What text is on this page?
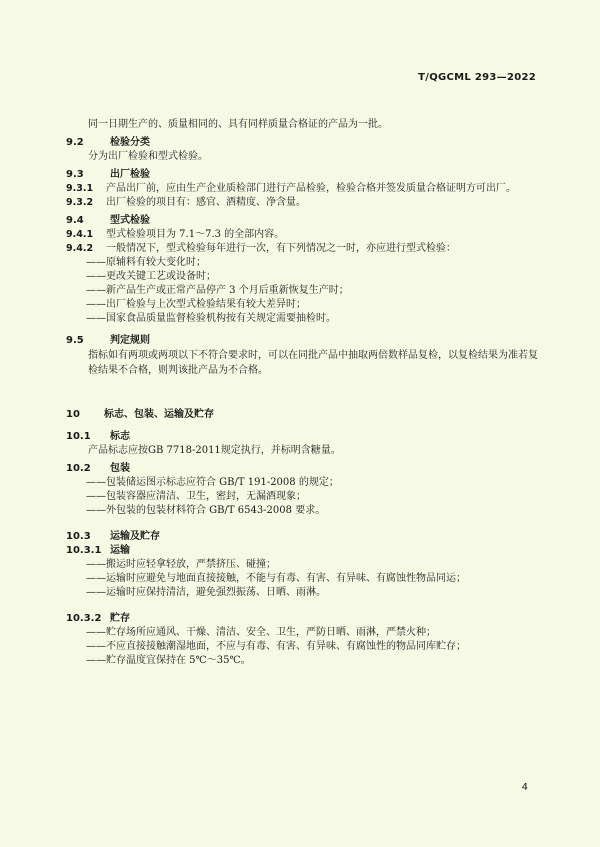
T/QGCML 293—2022
同一日期生产的、质量相同的、具有同样质量合格证的产品为一批。
9.2	检验分类
分为出厂检验和型式检验。
9.3	出厂检验
9.3.1 产品出厂前，应由生产企业质检部门进行产品检验，检验合格并签发质量合格证明方可出厂。
9.3.2 出厂检验的项目有：感官、酒精度、净含量。
9.4	型式检验
9.4.1 型式检验项目为 7.1～7.3 的全部内容。
9.4.2 一般情况下，型式检验每年进行一次，有下列情况之一时，亦应进行型式检验：
——原辅料有较大变化时；
——更改关键工艺或设备时；
——新产品生产或正常产品停产 3 个月后重新恢复生产时；
——出厂检验与上次型式检验结果有较大差异时；
——国家食品质量监督检验机构按有关规定需要抽检时。
9.5	判定规则
指标如有两项或两项以下不符合要求时，可以在同批产品中抽取两倍数样品复检，以复检结果为准若复检结果不合格，则判该批产品为不合格。
10 标志、包装、运输及贮存
10.1 标志
产品标志应按GB 7718-2011规定执行，并标明含糖量。
10.2 包装
——包装储运图示标志应符合 GB/T 191-2008 的规定；
——包装容器应清洁、卫生，密封，无漏酒现象；
——外包装的包装材料符合 GB/T 6543-2008 要求。
10.3 运输及贮存
10.3.1 运输
——搬运时应轻拿轻放，严禁挤压、碰撞；
——运输时应避免与地面直接接触，不能与有毒、有害、有异味、有腐蚀性物品同运；
——运输时应保持清洁，避免强烈振荡、日晒、雨淋。
10.3.2 贮存
——贮存场所应通风、干燥、清洁、安全、卫生，严防日晒、雨淋，严禁火种；
——不应直接接触潮湿地面，不应与有毒、有害、有异味、有腐蚀性的物品同库贮存；
——贮存温度宜保持在 5℃～35℃。
4
